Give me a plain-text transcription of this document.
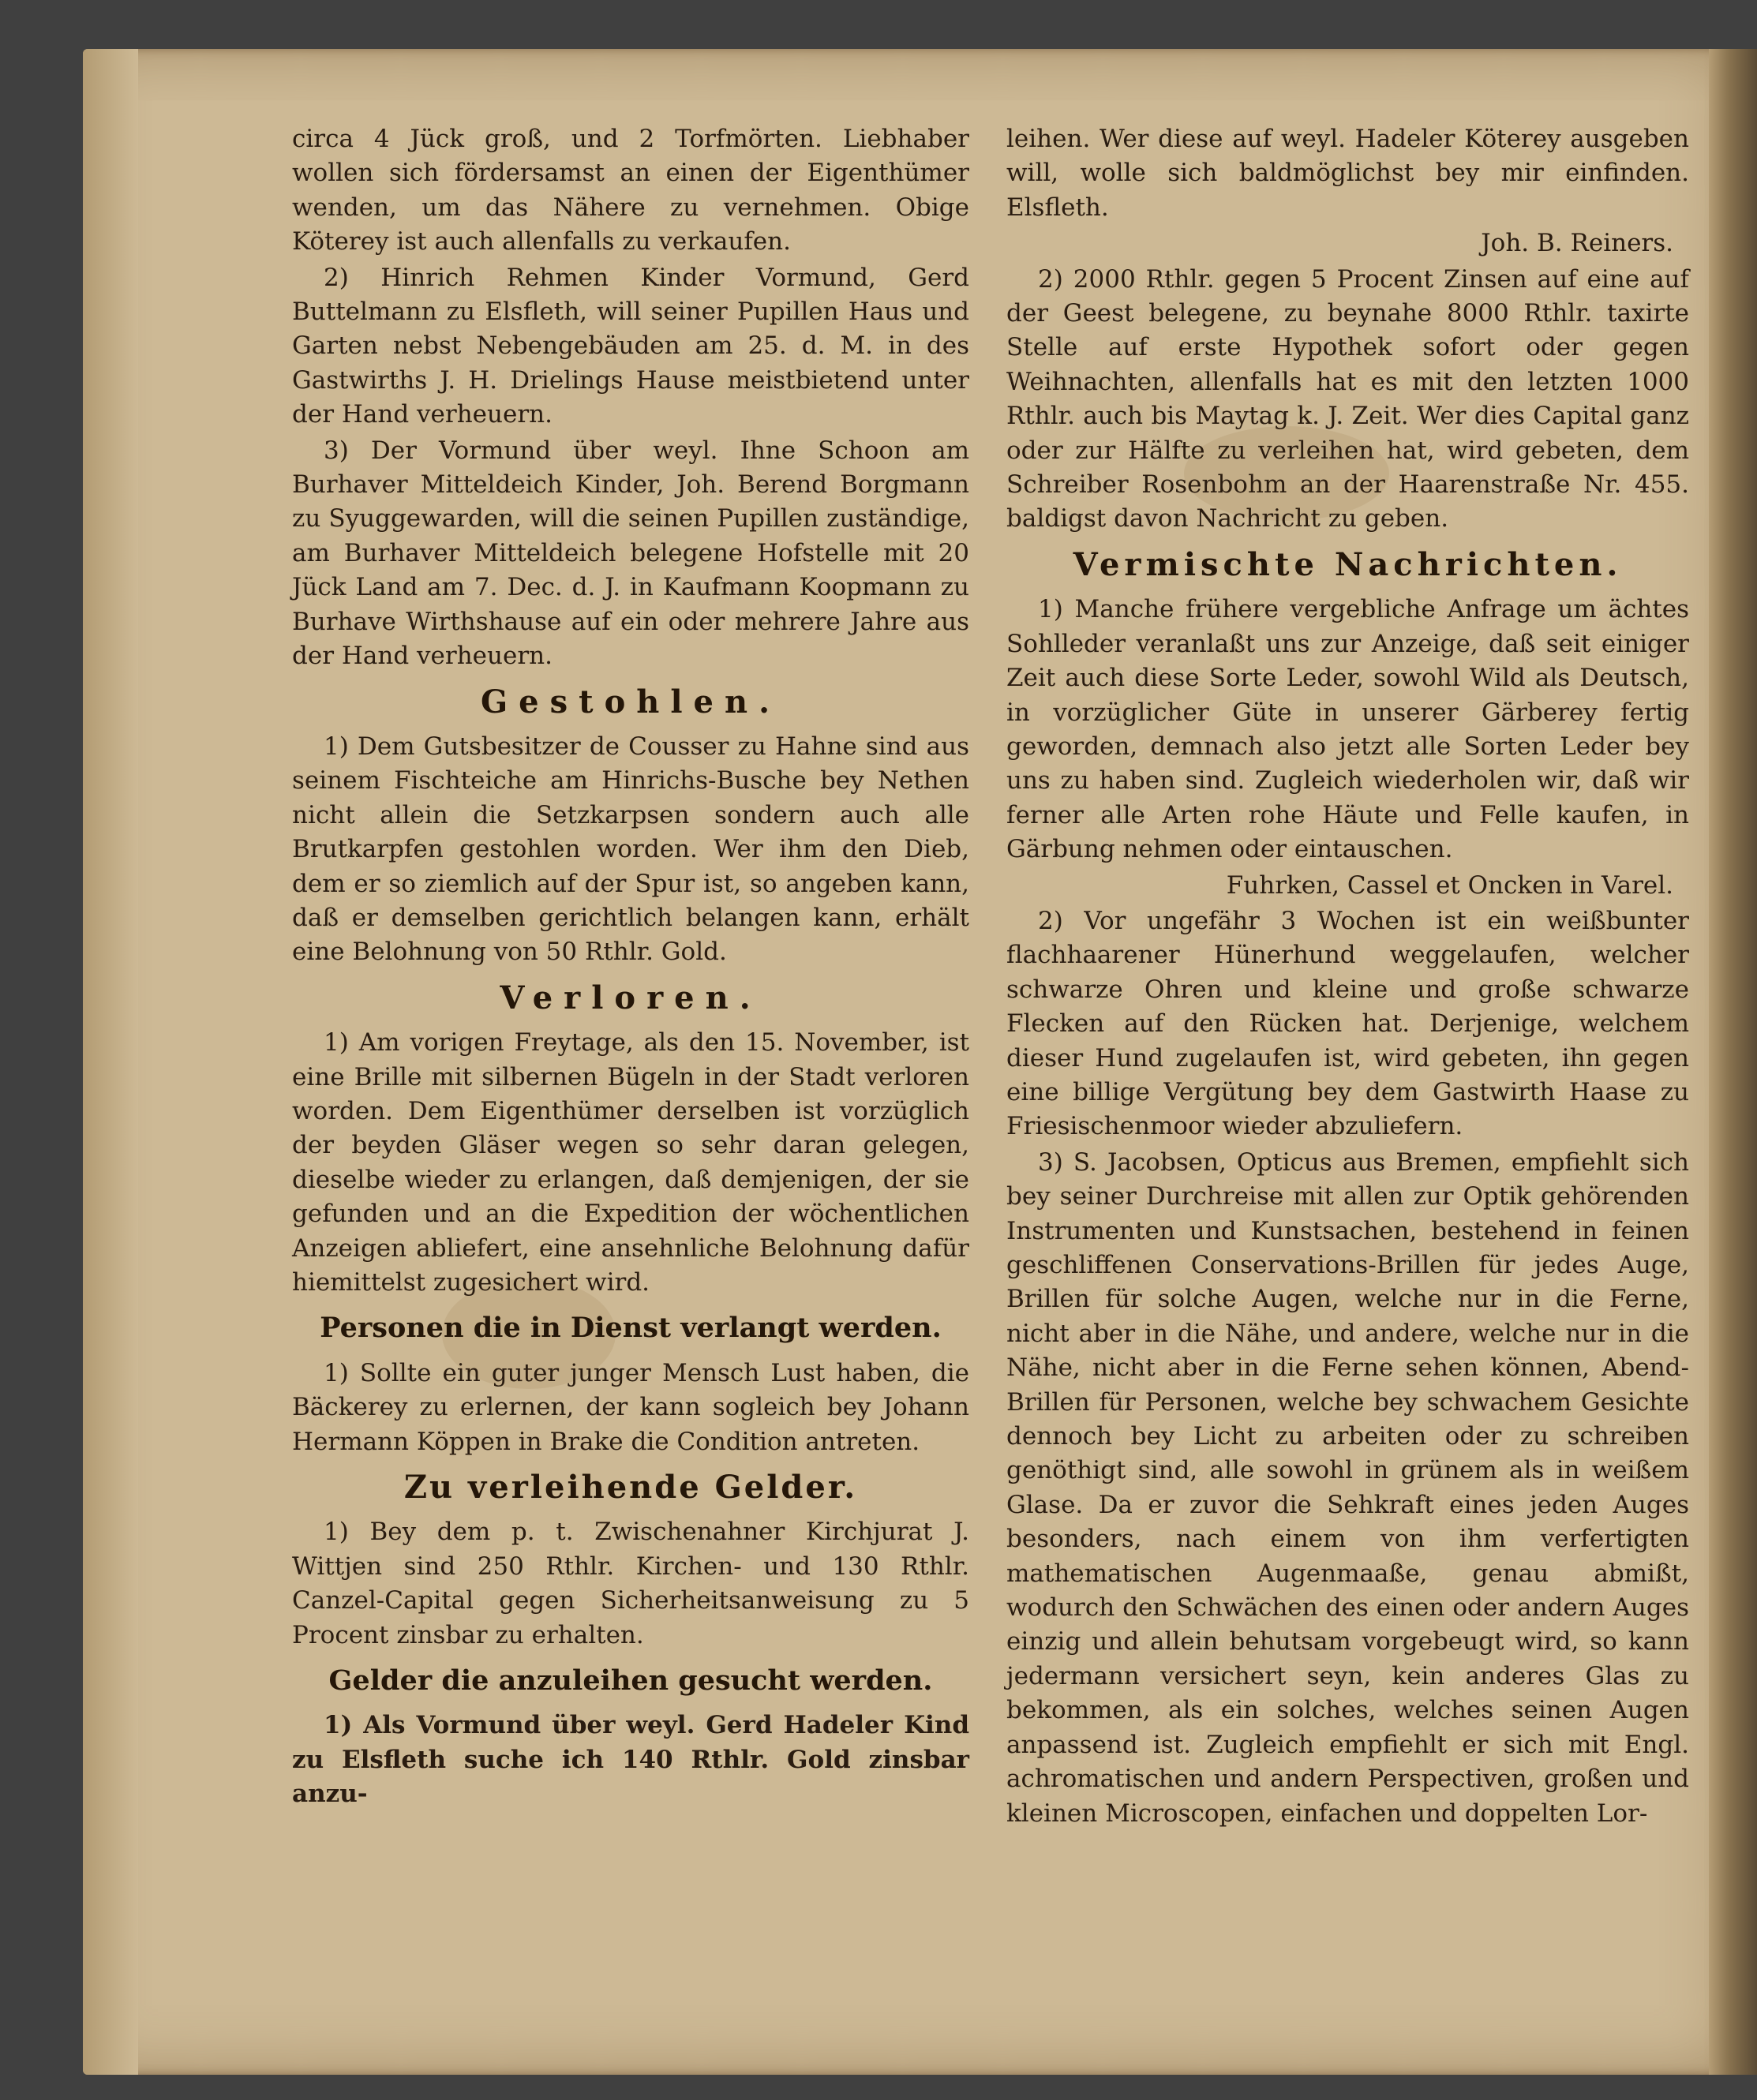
circa 4 Jück groß, und 2 Torfmörten. Liebhaber wollen sich fördersamst an einen der Eigenthümer wenden, um das Nähere zu vernehmen. Obige Köterey ist auch allenfalls zu verkaufen.

2) Hinrich Rehmen Kinder Vormund, Gerd Buttelmann zu Elsfleth, will seiner Pupillen Haus und Garten nebst Nebengebäuden am 25. d. M. in des Gastwirths J. H. Drielings Hause meistbietend unter der Hand verheuern.

3) Der Vormund über weyl. Ihne Schoon am Burhaver Mitteldeich Kinder, Joh. Berend Borgmann zu Syuggewarden, will die seinen Pupillen zuständige, am Burhaver Mitteldeich belegene Hofstelle mit 20 Jück Land am 7. Dec. d. J. in Kaufmann Koopmann zu Burhave Wirthshause auf ein oder mehrere Jahre aus der Hand verheuern.

Gestohlen.

1) Dem Gutsbesitzer de Cousser zu Hahne sind aus seinem Fischteiche am Hinrichs-Busche bey Nethen nicht allein die Setzkarpsen sondern auch alle Brutkarpfen gestohlen worden. Wer ihm den Dieb, dem er so ziemlich auf der Spur ist, so angeben kann, daß er demselben gerichtlich belangen kann, erhält eine Belohnung von 50 Rthlr. Gold.

Verloren.

1) Am vorigen Freytage, als den 15. November, ist eine Brille mit silbernen Bügeln in der Stadt verloren worden. Dem Eigenthümer derselben ist vorzüglich der beyden Gläser wegen so sehr daran gelegen, dieselbe wieder zu erlangen, daß demjenigen, der sie gefunden und an die Expedition der wöchentlichen Anzeigen abliefert, eine ansehnliche Belohnung dafür hiemittelst zugesichert wird.

Personen die in Dienst verlangt werden.

1) Sollte ein guter junger Mensch Lust haben, die Bäckerey zu erlernen, der kann sogleich bey Johann Hermann Köppen in Brake die Condition antreten.

Zu verleihende Gelder.

1) Bey dem p. t. Zwischenahner Kirchjurat J. Wittjen sind 250 Rthlr. Kirchen- und 130 Rthlr. Canzel-Capital gegen Sicherheitsanweisung zu 5 Procent zinsbar zu erhalten.

Gelder die anzuleihen gesucht werden.

1) Als Vormund über weyl. Gerd Hadeler Kind zu Elsfleth suche ich 140 Rthlr. Gold zinsbar anzu-

leihen. Wer diese auf weyl. Hadeler Köterey ausgeben will, wolle sich baldmöglichst bey mir einfinden. Elsfleth.

Joh. B. Reiners.

2) 2000 Rthlr. gegen 5 Procent Zinsen auf eine auf der Geest belegene, zu beynahe 8000 Rthlr. taxirte Stelle auf erste Hypothek sofort oder gegen Weihnachten, allenfalls hat es mit den letzten 1000 Rthlr. auch bis Maytag k. J. Zeit. Wer dies Capital ganz oder zur Hälfte zu verleihen hat, wird gebeten, dem Schreiber Rosenbohm an der Haarenstraße Nr. 455. baldigst davon Nachricht zu geben.

Vermischte Nachrichten.

1) Manche frühere vergebliche Anfrage um ächtes Sohlleder veranlaßt uns zur Anzeige, daß seit einiger Zeit auch diese Sorte Leder, sowohl Wild als Deutsch, in vorzüglicher Güte in unserer Gärberey fertig geworden, demnach also jetzt alle Sorten Leder bey uns zu haben sind. Zugleich wiederholen wir, daß wir ferner alle Arten rohe Häute und Felle kaufen, in Gärbung nehmen oder eintauschen.

Fuhrken, Cassel et Oncken in Varel.

2) Vor ungefähr 3 Wochen ist ein weißbunter flachhaarener Hünerhund weggelaufen, welcher schwarze Ohren und kleine und große schwarze Flecken auf den Rücken hat. Derjenige, welchem dieser Hund zugelaufen ist, wird gebeten, ihn gegen eine billige Vergütung bey dem Gastwirth Haase zu Friesischenmoor wieder abzuliefern.

3) S. Jacobsen, Opticus aus Bremen, empfiehlt sich bey seiner Durchreise mit allen zur Optik gehörenden Instrumenten und Kunstsachen, bestehend in feinen geschliffenen Conservations-Brillen für jedes Auge, Brillen für solche Augen, welche nur in die Ferne, nicht aber in die Nähe, und andere, welche nur in die Nähe, nicht aber in die Ferne sehen können, Abend-Brillen für Personen, welche bey schwachem Gesichte dennoch bey Licht zu arbeiten oder zu schreiben genöthigt sind, alle sowohl in grünem als in weißem Glase. Da er zuvor die Sehkraft eines jeden Auges besonders, nach einem von ihm verfertigten mathematischen Augenmaaße, genau abmißt, wodurch den Schwächen des einen oder andern Auges einzig und allein behutsam vorgebeugt wird, so kann jedermann versichert seyn, kein anderes Glas zu bekommen, als ein solches, welches seinen Augen anpassend ist. Zugleich empfiehlt er sich mit Engl. achromatischen und andern Perspectiven, großen und kleinen Microscopen, einfachen und doppelten Lor-
